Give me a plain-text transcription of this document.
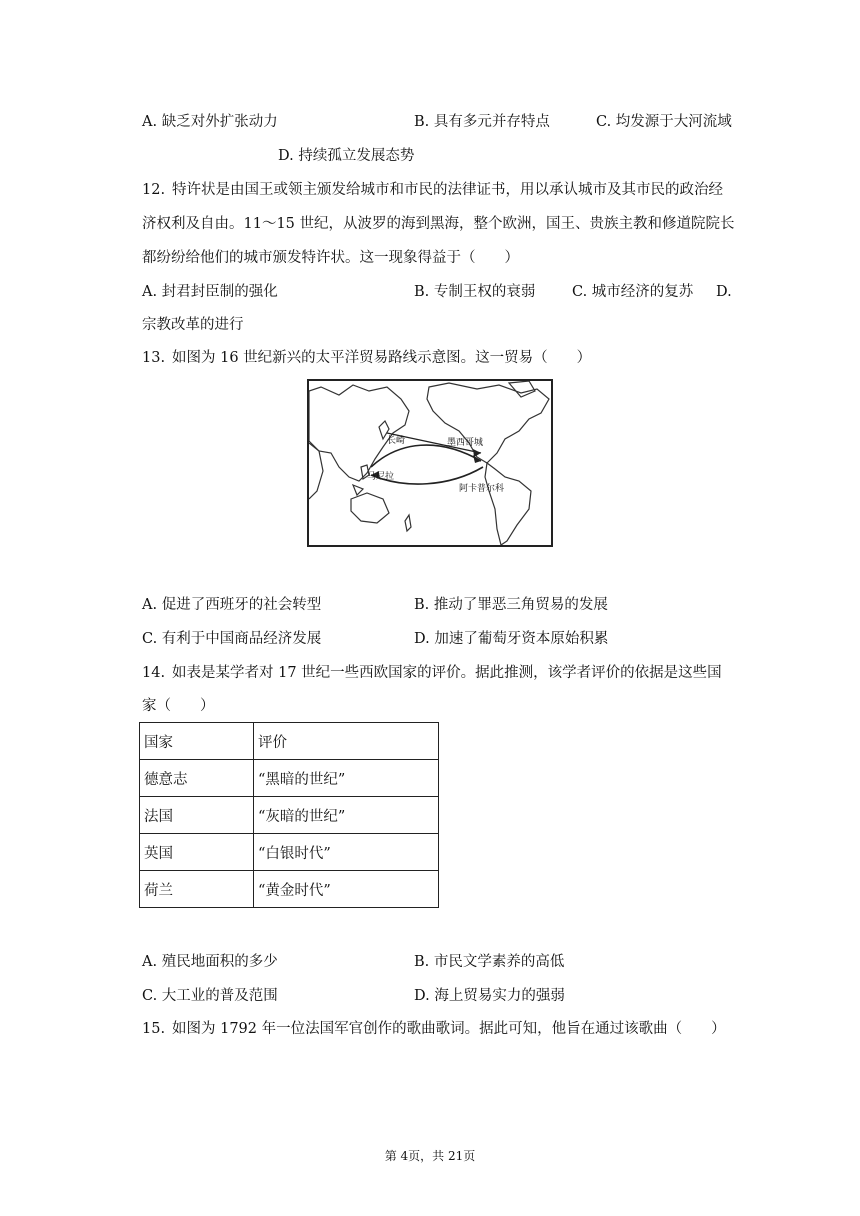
A. 缺乏对外扩张动力	B. 具有多元并存特点	C. 均发源于大河流域
D. 持续孤立发展态势
12. 特许状是由国王或领主颁发给城市和市民的法律证书，用以承认城市及其市民的政治经
济权利及自由。11～15 世纪，从波罗的海到黑海，整个欧洲，国王、贵族主教和修道院院长
都纷纷给他们的城市颁发特许状。这一现象得益于（　　）
A. 封君封臣制的强化	B. 专制王权的衰弱	C. 城市经济的复苏 D.
宗教改革的进行
13. 如图为 16 世纪新兴的太平洋贸易路线示意图。这一贸易（　　）
长崎	墨西哥城
马尼拉
阿卡普尔科
A. 促进了西班牙的社会转型	B. 推动了罪恶三角贸易的发展
C. 有利于中国商品经济发展	D. 加速了葡萄牙资本原始积累
14. 如表是某学者对 17 世纪一些西欧国家的评价。据此推测，该学者评价的依据是这些国
家（　　）
国家	评价
德意志	“黑暗的世纪”
法国	“灰暗的世纪”
英国	“白银时代”
荷兰	“黄金时代”
A. 殖民地面积的多少	B. 市民文学素养的高低
C. 大工业的普及范围	D. 海上贸易实力的强弱
15. 如图为 1792 年一位法国军官创作的歌曲歌词。据此可知，他旨在通过该歌曲（　　）
第 4页，共 21页
